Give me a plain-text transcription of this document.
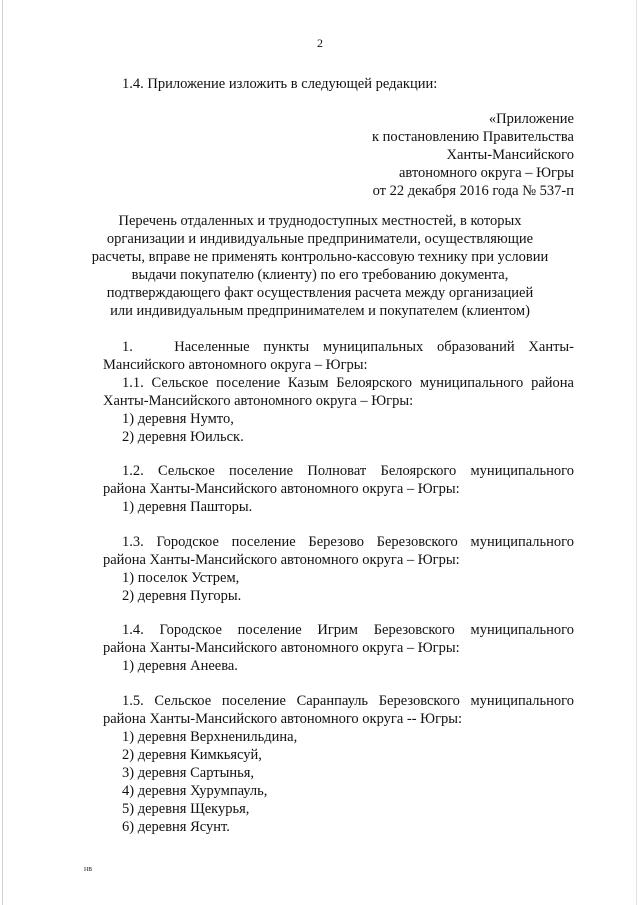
2
1.4. Приложение изложить в следующей редакции:
«Приложение
к постановлению Правительства
Ханты-Мансийского
автономного округа – Югры
от 22 декабря 2016 года № 537-п
Перечень отдаленных и труднодоступных местностей, в которых
организации и индивидуальные предприниматели, осуществляющие
расчеты, вправе не применять контрольно-кассовую технику при условии
выдачи покупателю (клиенту) по его требованию документа,
подтверждающего факт осуществления расчета между организацией
или индивидуальным предпринимателем и покупателем (клиентом)
1.   Населенные пункты муниципальных образований Ханты-
Мансийского автономного округа – Югры:
1.1. Сельское поселение Казым Белоярского муниципального района
Ханты-Мансийского автономного округа – Югры:
1) деревня Нумто,
2) деревня Юильск.
1.2. Сельское поселение Полноват Белоярского муниципального
района Ханты-Мансийского автономного округа – Югры:
1) деревня Пашторы.
1.3. Городское поселение Березово Березовского муниципального
района Ханты-Мансийского автономного округа – Югры:
1) поселок Устрем,
2) деревня Пугоры.
1.4. Городское поселение Игрим Березовского муниципального
района Ханты-Мансийского автономного округа – Югры:
1) деревня Анеева.
1.5. Сельское поселение Саранпауль Березовского муниципального
района Ханты-Мансийского автономного округа -- Югры:
1) деревня Верхненильдина,
2) деревня Кимкьясуй,
3) деревня Сартынья,
4) деревня Хурумпауль,
5) деревня Щекурья,
6) деревня Ясунт.
нв
